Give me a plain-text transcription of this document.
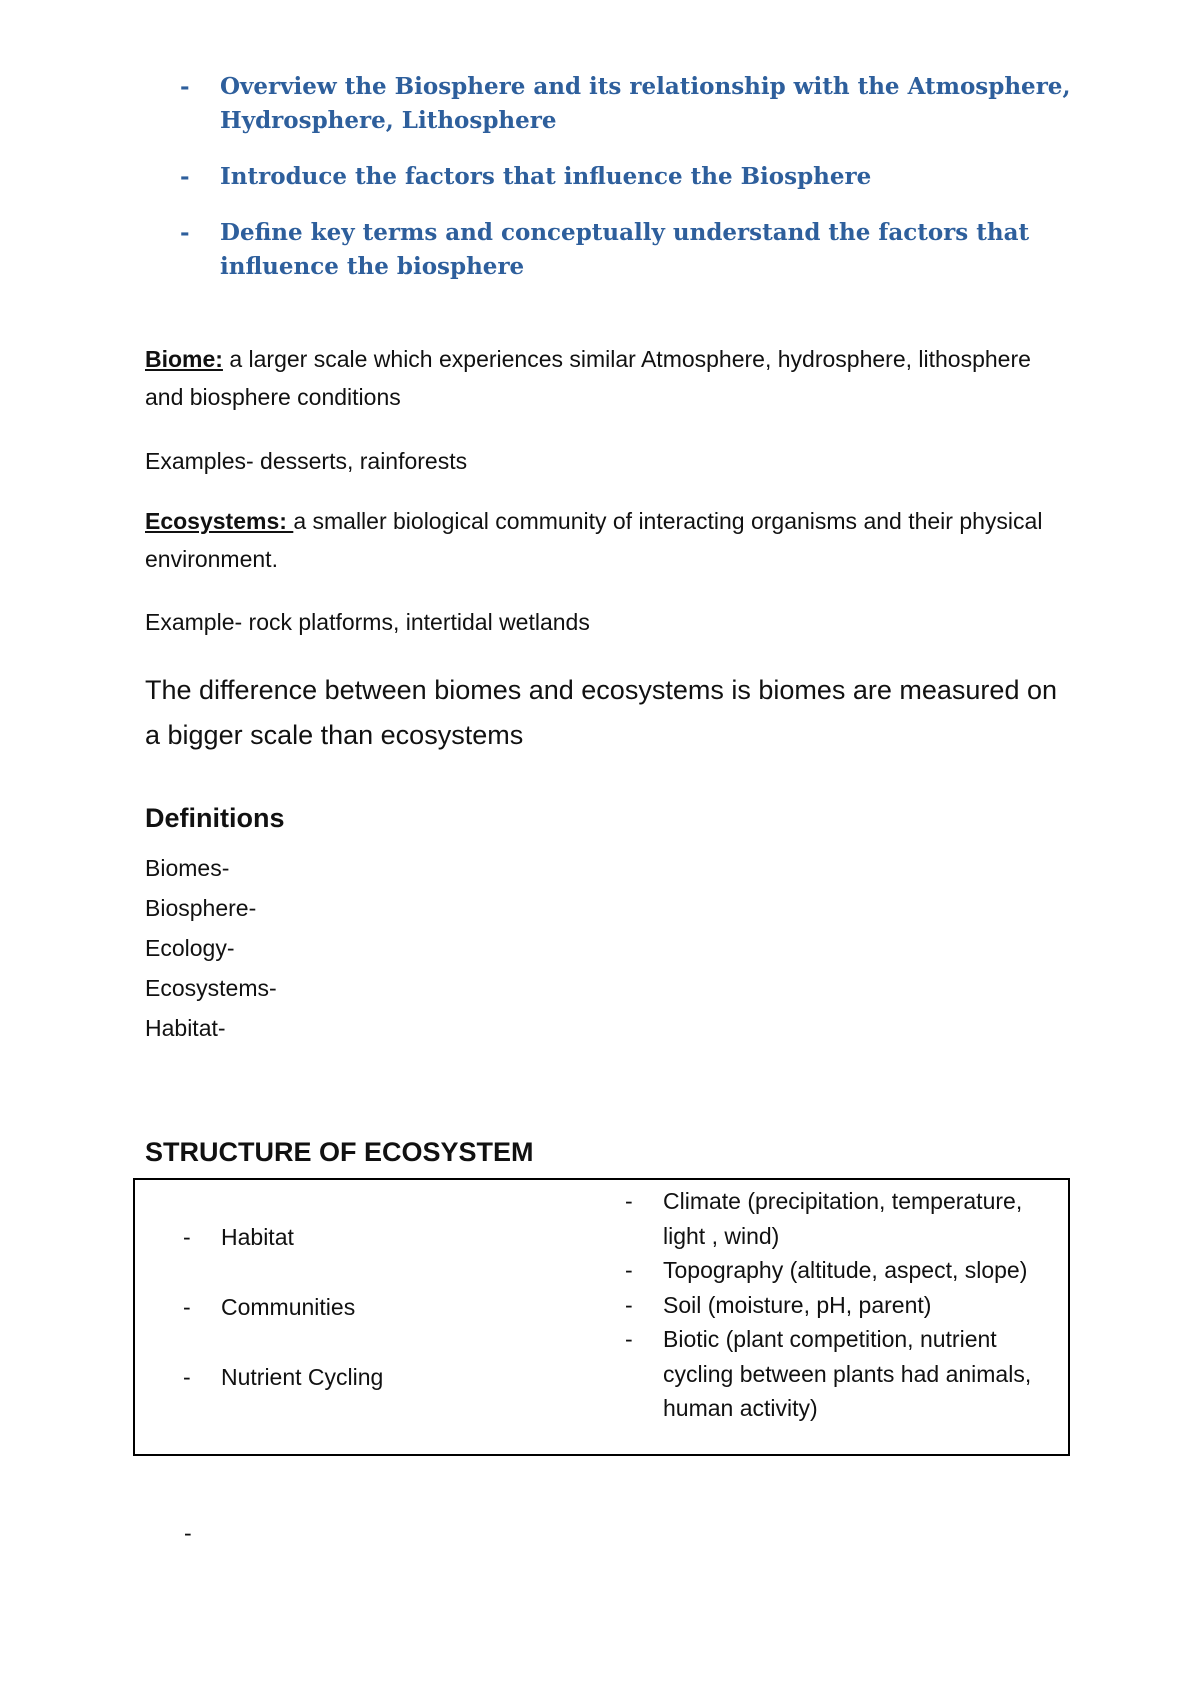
- Overview the Biosphere and its relationship with the Atmosphere, Hydrosphere, Lithosphere
- Introduce the factors that influence the Biosphere
- Define key terms and conceptually understand the factors that influence the biosphere

Biome: a larger scale which experiences similar Atmosphere, hydrosphere, lithosphere and biosphere conditions

Examples- desserts, rainforests

Ecosystems: a smaller biological community of interacting organisms and their physical environment.

Example- rock platforms, intertidal wetlands

The difference between biomes and ecosystems is biomes are measured on a bigger scale than ecosystems

Definitions
Biomes-
Biosphere-
Ecology-
Ecosystems-
Habitat-
STRUCTURE OF ECOSYSTEM
- Habitat
- Communities
- Nutrient Cycling
- Climate (precipitation, temperature, light , wind)
- Topography (altitude, aspect, slope)
- Soil (moisture, pH, parent)
- Biotic (plant competition, nutrient cycling between plants had animals, human activity)
-
